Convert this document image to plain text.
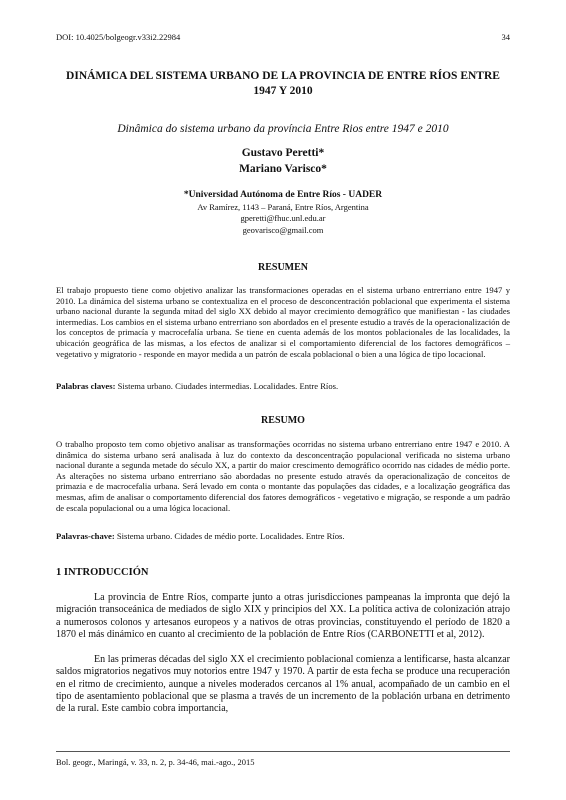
DOI: 10.4025/bolgeogr.v33i2.22984	34
DINÁMICA DEL SISTEMA URBANO DE LA PROVINCIA DE ENTRE RÍOS ENTRE 1947 Y 2010
Dinâmica do sistema urbano da província Entre Rios entre 1947 e 2010
Gustavo Peretti*
Mariano Varisco*
*Universidad Autónoma de Entre Ríos - UADER
Av Ramírez, 1143 – Paraná, Entre Ríos, Argentina
gperetti@fhuc.unl.edu.ar
geovarisco@gmail.com
RESUMEN
El trabajo propuesto tiene como objetivo analizar las transformaciones operadas en el sistema urbano entrerriano entre 1947 y 2010. La dinámica del sistema urbano se contextualiza en el proceso de desconcentración poblacional que experimenta el sistema urbano nacional durante la segunda mitad del siglo XX debido al mayor crecimiento demográfico que manifiestan - las ciudades intermedias. Los cambios en el sistema urbano entrerriano son abordados en el presente estudio a través de la operacionalización de los conceptos de primacía y macrocefalía urbana. Se tiene en cuenta además de los montos poblacionales de las localidades, la ubicación geográfica de las mismas, a los efectos de analizar si el comportamiento diferencial de los factores demográficos – vegetativo y migratorio - responde en mayor medida a un patrón de escala poblacional o bien a una lógica de tipo locacional.
Palabras claves: Sistema urbano. Ciudades intermedias. Localidades. Entre Ríos.
RESUMO
O trabalho proposto tem como objetivo analisar as transformações ocorridas no sistema urbano entrerriano entre 1947 e 2010. A dinâmica do sistema urbano será analisada à luz do contexto da desconcentração populacional verificada no sistema urbano nacional durante a segunda metade do século XX, a partir do maior crescimento demográfico ocorrido nas cidades de médio porte. As alterações no sistema urbano entrerriano são abordadas no presente estudo através da operacionalização de conceitos de primazia e de macrocefalia urbana. Será levado em conta o montante das populações das cidades, e a localização geográfica das mesmas, afim de analisar o comportamento diferencial dos fatores demográficos - vegetativo e migração, se responde a um padrão de escala populacional ou a uma lógica locacional.
Palavras-chave: Sistema urbano. Cidades de médio porte. Localidades. Entre Ríos.
1 INTRODUCCIÓN
La provincia de Entre Ríos, comparte junto a otras jurisdicciones pampeanas la impronta que dejó la migración transoceánica de mediados de siglo XIX y principios del XX. La política activa de colonización atrajo a numerosos colonos y artesanos europeos y a nativos de otras provincias, constituyendo el período de 1820 a 1870 el más dinámico en cuanto al crecimiento de la población de Entre Ríos (CARBONETTI et al, 2012).
En las primeras décadas del siglo XX el crecimiento poblacional comienza a lentificarse, hasta alcanzar saldos migratorios negativos muy notorios entre 1947 y 1970. A partir de esta fecha se produce una recuperación en el ritmo de crecimiento, aunque a niveles moderados cercanos al 1% anual, acompañado de un cambio en el tipo de asentamiento poblacional que se plasma a través de un incremento de la población urbana en detrimento de la rural. Este cambio cobra importancia,
Bol. geogr., Maringá, v. 33, n. 2, p. 34-46, mai.-ago., 2015
